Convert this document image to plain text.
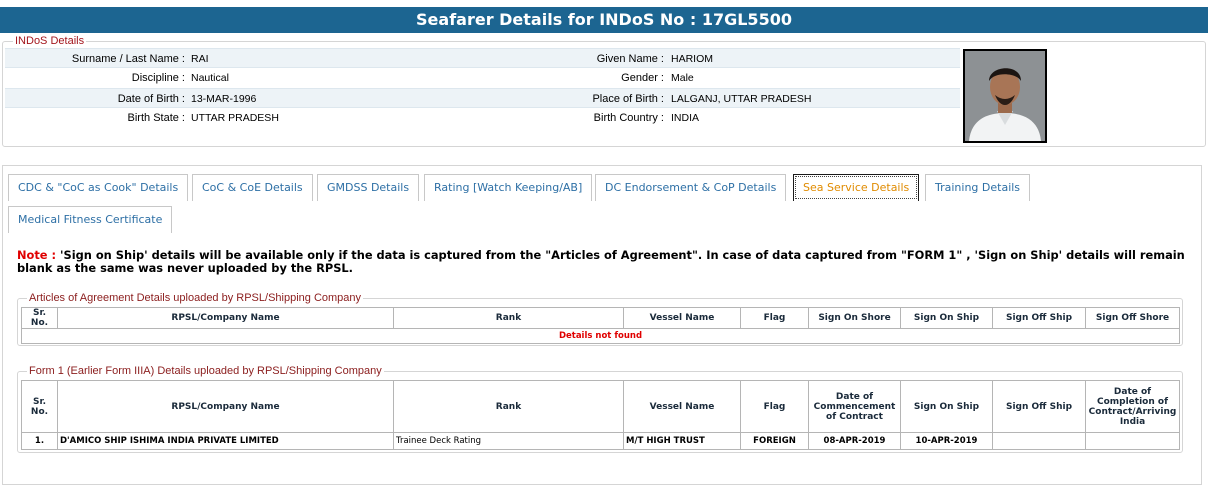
Seafarer Details for INDoS No : 17GL5500
INDoS Details
Surname / Last Name :	RAI	Given Name :	HARIOM
Discipline :	Nautical	Gender :	Male
Date of Birth :	13-MAR-1996	Place of Birth :	LALGANJ, UTTAR PRADESH
Birth State :	UTTAR PRADESH	Birth Country :	INDIA
CDC & "CoC as Cook" Details	CoC & CoE Details	GMDSS Details	Rating [Watch Keeping/AB]	DC Endorsement & CoP Details	Sea Service Details	Training Details
Medical Fitness Certificate
Note : 'Sign on Ship' details will be available only if the data is captured from the "Articles of Agreement". In case of data captured from "FORM 1" , 'Sign on Ship' details will remain blank as the same was never uploaded by the RPSL.
Articles of Agreement Details uploaded by RPSL/Shipping Company
Sr. No.	RPSL/Company Name	Rank	Vessel Name	Flag	Sign On Shore	Sign On Ship	Sign Off Ship	Sign Off Shore
Details not found
Form 1 (Earlier Form IIIA) Details uploaded by RPSL/Shipping Company
Sr. No.	RPSL/Company Name	Rank	Vessel Name	Flag	Date of Commencement of Contract	Sign On Ship	Sign Off Ship	Date of Completion of Contract/Arriving India
1.	D'AMICO SHIP ISHIMA INDIA PRIVATE LIMITED	Trainee Deck Rating	M/T HIGH TRUST	FOREIGN	08-APR-2019	10-APR-2019		
